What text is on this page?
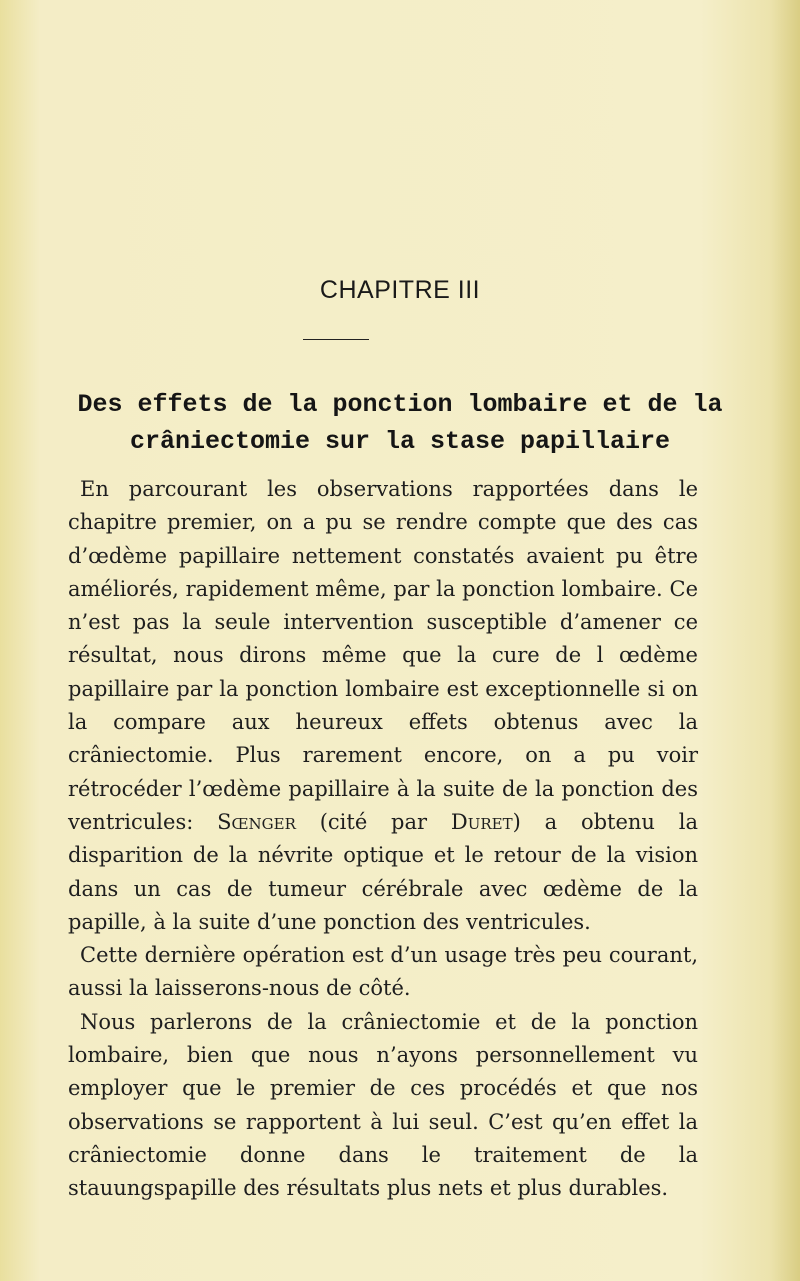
CHAPITRE III
Des effets de la ponction lombaire et de la
crâniectomie sur la stase papillaire

En parcourant les observations rapportées dans le chapitre premier, on a pu se rendre compte que des cas d’œdème papillaire nettement constatés avaient pu être améliorés, rapidement même, par la ponction lombaire. Ce n’est pas la seule intervention susceptible d’amener ce résultat, nous dirons même que la cure de l œdème papillaire par la ponction lombaire est exceptionnelle si on la compare aux heureux effets obtenus avec la crâniectomie. Plus rarement encore, on a pu voir rétrocéder l’œdème papillaire à la suite de la ponction des ventricules: Sœnger (cité par Duret) a obtenu la disparition de la névrite optique et le retour de la vision dans un cas de tumeur cérébrale avec œdème de la papille, à la suite d’une ponction des ventricules.

Cette dernière opération est d’un usage très peu courant, aussi la laisserons-nous de côté.

Nous parlerons de la crâniectomie et de la ponction lombaire, bien que nous n’ayons personnellement vu employer que le premier de ces procédés et que nos observations se rapportent à lui seul. C’est qu’en effet la crâniectomie donne dans le traitement de la stauungspapille des résultats plus nets et plus durables.
